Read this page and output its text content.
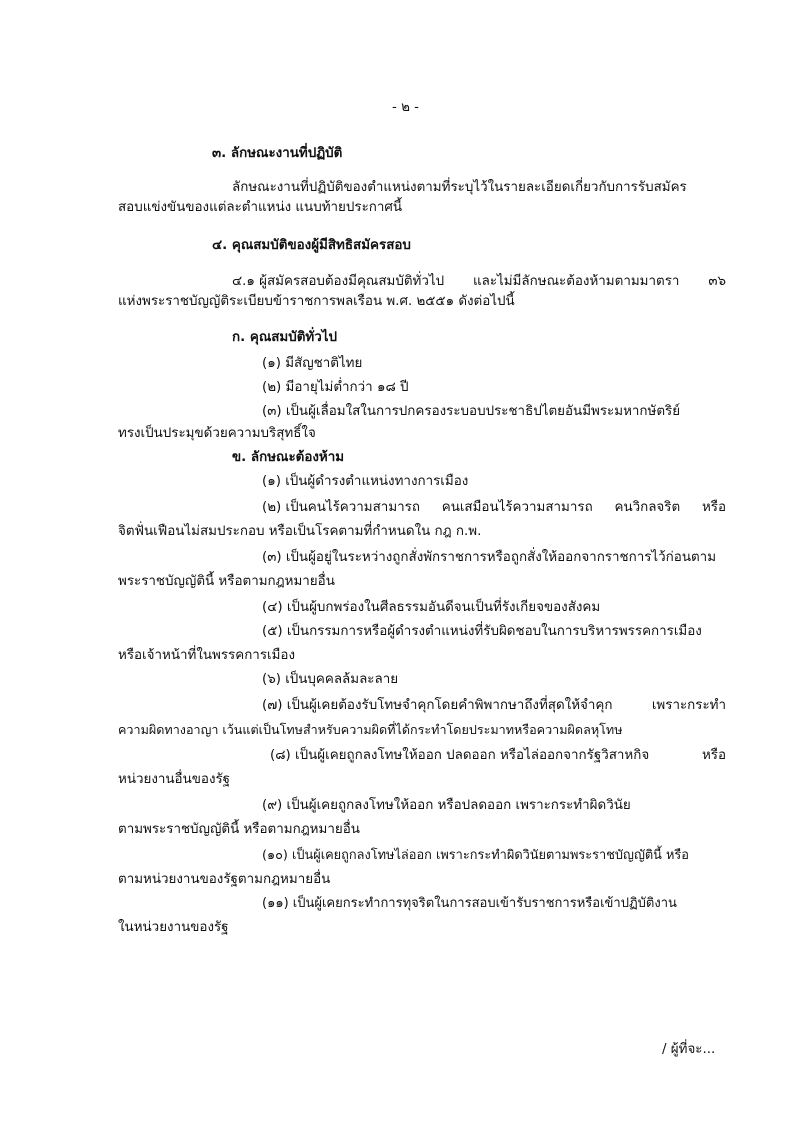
- ๒ -

๓. ลักษณะงานที่ปฏิบัติ

ลักษณะงานที่ปฏิบัติของตำแหน่งตามที่ระบุไว้ในรายละเอียดเกี่ยวกับการรับสมัคร

สอบแข่งขันของแต่ละตำแหน่ง แนบท้ายประกาศนี้

๔. คุณสมบัติของผู้มีสิทธิสมัครสอบ

๔.๑ ผู้สมัครสอบต้องมีคุณสมบัติทั่วไป และไม่มีลักษณะต้องห้ามตามมาตรา ๓๖

แห่งพระราชบัญญัติระเบียบข้าราชการพลเรือน พ.ศ. ๒๕๕๑ ดังต่อไปนี้

ก. คุณสมบัติทั่วไป

(๑) มีสัญชาติไทย

(๒) มีอายุไม่ต่ำกว่า ๑๘ ปี

(๓) เป็นผู้เลื่อมใสในการปกครองระบอบประชาธิปไตยอันมีพระมหากษัตริย์

ทรงเป็นประมุขด้วยความบริสุทธิ์ใจ

ข. ลักษณะต้องห้าม

(๑) เป็นผู้ดำรงตำแหน่งทางการเมือง

(๒) เป็นคนไร้ความสามารถ คนเสมือนไร้ความสามารถ คนวิกลจริต หรือ

จิตฟั่นเฟือนไม่สมประกอบ หรือเป็นโรคตามที่กำหนดใน กฎ ก.พ.

(๓) เป็นผู้อยู่ในระหว่างถูกสั่งพักราชการหรือถูกสั่งให้ออกจากราชการไว้ก่อนตาม

พระราชบัญญัตินี้ หรือตามกฎหมายอื่น

(๔) เป็นผู้บกพร่องในศีลธรรมอันดีจนเป็นที่รังเกียจของสังคม

(๕) เป็นกรรมการหรือผู้ดำรงตำแหน่งที่รับผิดชอบในการบริหารพรรคการเมือง

หรือเจ้าหน้าที่ในพรรคการเมือง

(๖) เป็นบุคคลล้มละลาย

(๗) เป็นผู้เคยต้องรับโทษจำคุกโดยคำพิพากษาถึงที่สุดให้จำคุก	เพราะกระทำ

ความผิดทางอาญา เว้นแต่เป็นโทษสำหรับความผิดที่ได้กระทำโดยประมาทหรือความผิดลหุโทษ

(๘) เป็นผู้เคยถูกลงโทษให้ออก ปลดออก หรือไล่ออกจากรัฐวิสาหกิจ	หรือ

หน่วยงานอื่นของรัฐ

(๙) เป็นผู้เคยถูกลงโทษให้ออก หรือปลดออก เพราะกระทำผิดวินัย

ตามพระราชบัญญัตินี้ หรือตามกฎหมายอื่น

(๑๐) เป็นผู้เคยถูกลงโทษไล่ออก เพราะกระทำผิดวินัยตามพระราชบัญญัตินี้ หรือ

ตามหน่วยงานของรัฐตามกฎหมายอื่น

(๑๑) เป็นผู้เคยกระทำการทุจริตในการสอบเข้ารับราชการหรือเข้าปฏิบัติงาน

ในหน่วยงานของรัฐ

/ ผู้ที่จะ...
